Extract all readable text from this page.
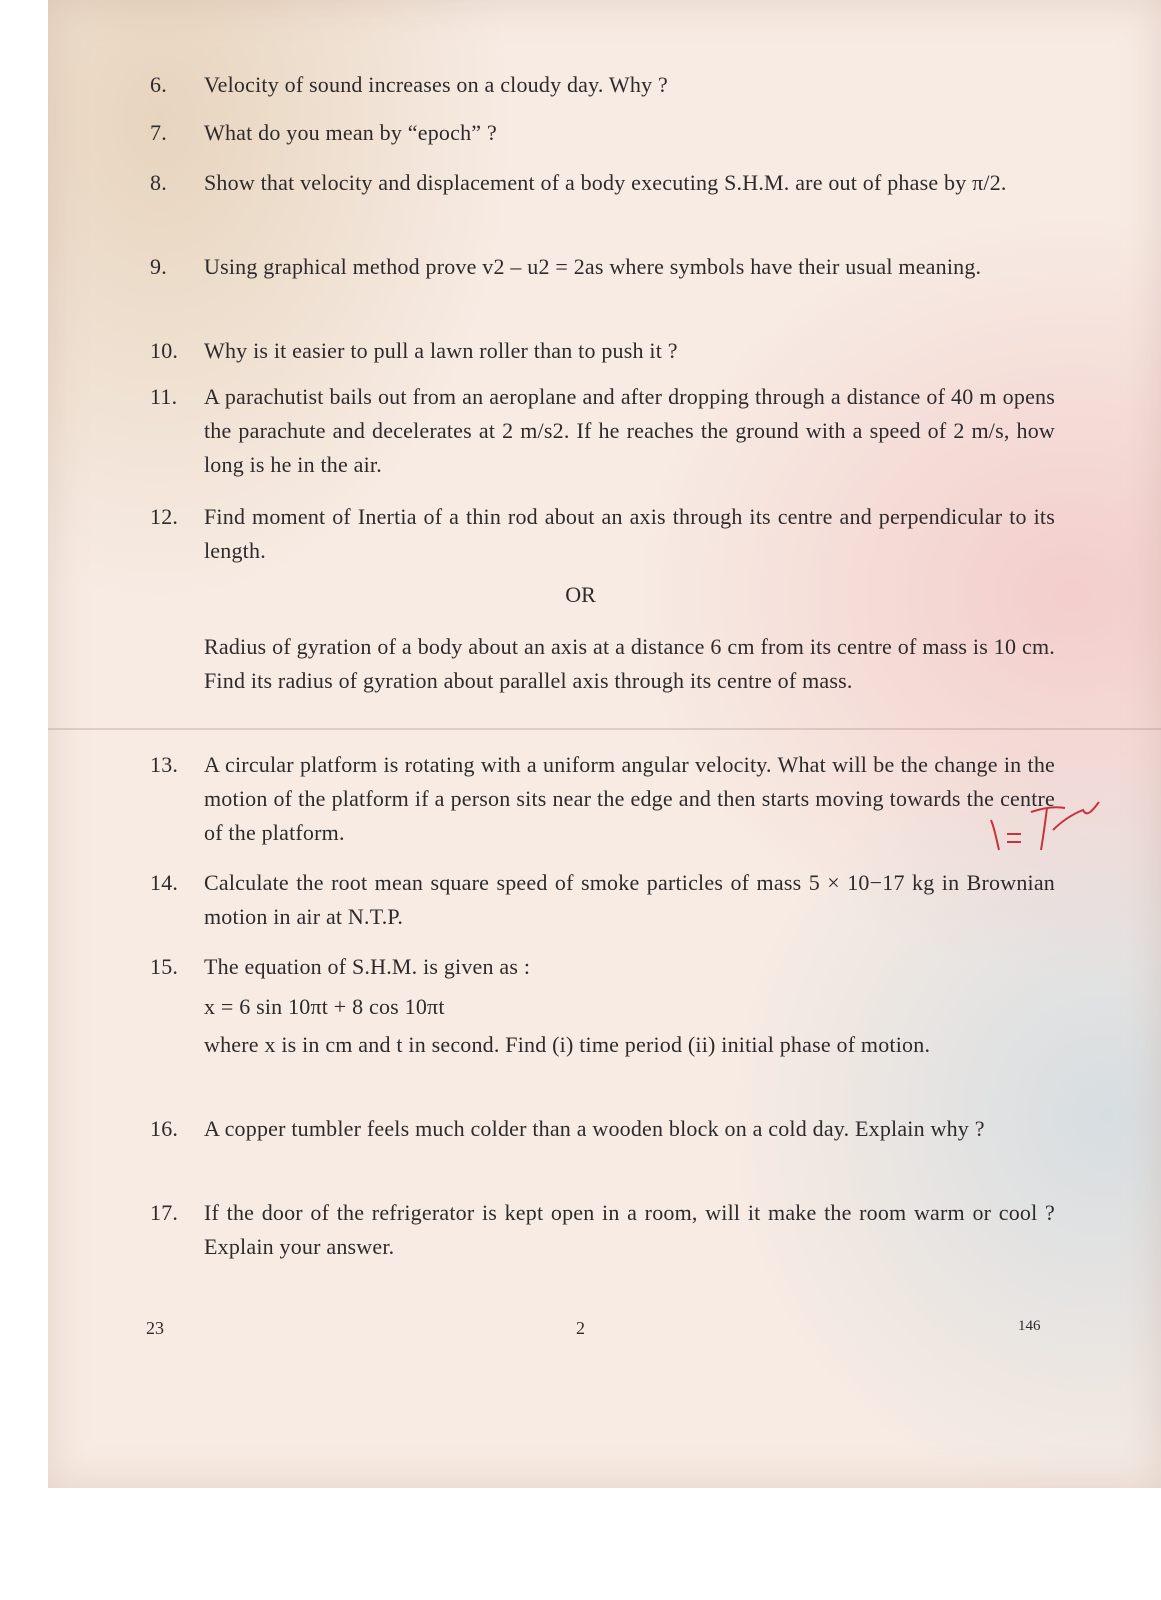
6.	Velocity of sound increases on a cloudy day. Why ?
7.	What do you mean by “epoch” ?
8.	Show that velocity and displacement of a body executing S.H.M. are out of phase by π/2.
9.	Using graphical method prove v2 – u2 = 2as where symbols have their usual meaning.
10.	Why is it easier to pull a lawn roller than to push it ?
11.	A parachutist bails out from an aeroplane and after dropping through a distance of 40 m opens the parachute and decelerates at 2 m/s2. If he reaches the ground with a speed of 2 m/s, how long is he in the air.
12.	Find moment of Inertia of a thin rod about an axis through its centre and perpendicular to its length.
OR
Radius of gyration of a body about an axis at a distance 6 cm from its centre of mass is 10 cm. Find its radius of gyration about parallel axis through its centre of mass.
13.	A circular platform is rotating with a uniform angular velocity. What will be the change in the motion of the platform if a person sits near the edge and then starts moving towards the centre of the platform.
14.	Calculate the root mean square speed of smoke particles of mass 5 × 10−17 kg in Brownian motion in air at N.T.P.
15.	The equation of S.H.M. is given as :
x = 6 sin 10πt + 8 cos 10πt
where x is in cm and t in second. Find (i) time period (ii) initial phase of motion.
16.	A copper tumbler feels much colder than a wooden block on a cold day. Explain why ?
17.	If the door of the refrigerator is kept open in a room, will it make the room warm or cool ? Explain your answer.
23	2	146
